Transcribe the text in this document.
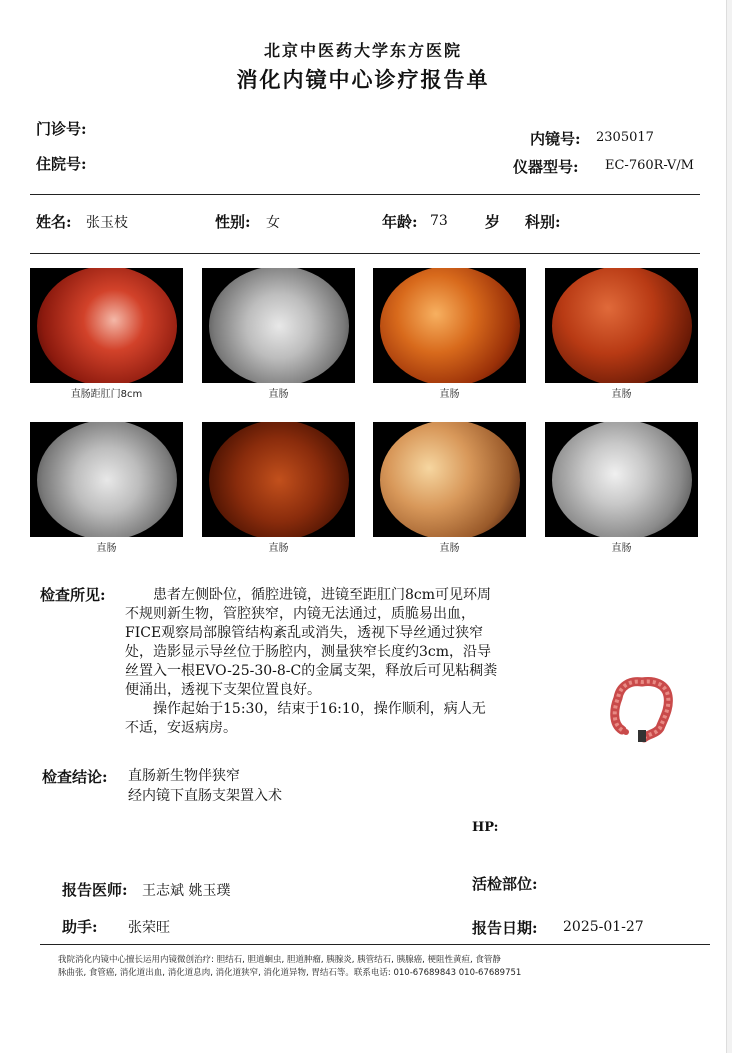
北京中医药大学东方医院
消化内镜中心诊疗报告单
门诊号:
住院号:
内镜号: 2305017
仪器型号: EC-760R-V/M
姓名: 张玉枝	性别: 女	年龄: 73 岁 科别:
直肠距肛门8cm	直肠	直肠	直肠
直肠	直肠	直肠	直肠
检查所见:	患者左侧卧位，循腔进镜，进镜至距肛门8cm可见环周
不规则新生物，管腔狭窄，内镜无法通过，质脆易出血，
FICE观察局部腺管结构紊乱或消失，透视下导丝通过狭窄
处，造影显示导丝位于肠腔内，测量狭窄长度约3cm，沿导
丝置入一根EVO-25-30-8-C的金属支架，释放后可见粘稠粪
便涌出，透视下支架位置良好。

操作起始于15:30，结束于16:10，操作顺利，病人无
不适，安返病房。

检查结论: 直肠新生物伴狭窄
经内镜下直肠支架置入术
HP:
报告医师: 王志斌 姚玉璞	活检部位:
助手: 张荣旺	报告日期: 2025-01-27
我院消化内镜中心擅长运用内镜微创治疗: 胆结石, 胆道蛔虫, 胆道肿瘤, 胰腺炎, 胰管结石, 胰腺癌, 梗阻性黄疸, 食管静
脉曲张, 食管癌, 消化道出血, 消化道息肉, 消化道狭窄, 消化道异物, 胃结石等。联系电话: 010-67689843 010-67689751
